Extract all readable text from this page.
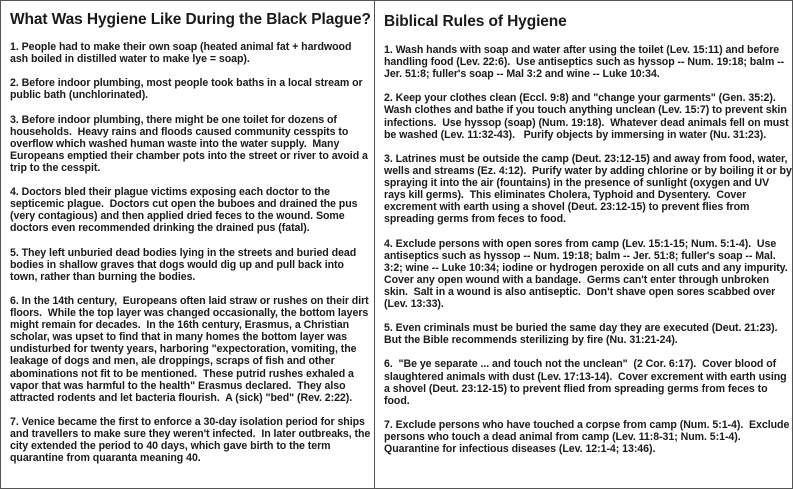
What Was Hygiene Like During the Black Plague?

1. People had to make their own soap (heated animal fat + hardwood ash boiled in distilled water to make lye = soap).

2. Before indoor plumbing, most people took baths in a local stream or public bath (unchlorinated).

3. Before indoor plumbing, there might be one toilet for dozens of households.  Heavy rains and floods caused community cesspits to overflow which washed human waste into the water supply.  Many Europeans emptied their chamber pots into the street or river to avoid a trip to the cesspit.

4. Doctors bled their plague victims exposing each doctor to the septicemic plague.  Doctors cut open the buboes and drained the pus (very contagious) and then applied dried feces to the wound. Some doctors even recommended drinking the drained pus (fatal).

5. They left unburied dead bodies lying in the streets and buried dead bodies in shallow graves that dogs would dig up and pull back into town, rather than burning the bodies.

6. In the 14th century,  Europeans often laid straw or rushes on their dirt floors.  While the top layer was changed occasionally, the bottom layers might remain for decades.  In the 16th century, Erasmus, a Christian scholar, was upset to find that in many homes the bottom layer was undisturbed for twenty years, harboring "expectoration, vomiting, the leakage of dogs and men, ale droppings, scraps of fish and other abominations not fit to be mentioned.  These putrid rushes exhaled a vapor that was harmful to the health" Erasmus declared.  They also attracted rodents and let bacteria flourish.  A (sick) "bed" (Rev. 2:22).

7. Venice became the first to enforce a 30-day isolation period for ships and travellers to make sure they weren't infected.  In later outbreaks, the city extended the period to 40 days, which gave birth to the term quarantine from quaranta meaning 40.

Biblical Rules of Hygiene

1. Wash hands with soap and water after using the toilet (Lev. 15:11) and before handling food (Lev. 22:6).  Use antiseptics such as hyssop -- Num. 19:18; balm -- Jer. 51:8; fuller's soap -- Mal 3:2 and wine -- Luke 10:34.

2. Keep your clothes clean (Eccl. 9:8) and "change your garments" (Gen. 35:2).  Wash clothes and bathe if you touch anything unclean (Lev. 15:7) to prevent skin infections.  Use hyssop (soap) (Num. 19:18).  Whatever dead animals fell on must be washed (Lev. 11:32-43).   Purify objects by immersing in water (Nu. 31:23).

3. Latrines must be outside the camp (Deut. 23:12-15) and away from food, water, wells and streams (Ez. 4:12).  Purify water by adding chlorine or by boiling it or by spraying it into the air (fountains) in the presence of sunlight (oxygen and UV rays kill germs).  This eliminates Cholera, Typhoid and Dysentery.  Cover excrement with earth using a shovel (Deut. 23:12-15) to prevent flies from spreading germs from feces to food.

4. Exclude persons with open sores from camp (Lev. 15:1-15; Num. 5:1-4).  Use antiseptics such as hyssop -- Num. 19:18; balm -- Jer. 51:8; fuller's soap -- Mal. 3:2; wine -- Luke 10:34; iodine or hydrogen peroxide on all cuts and any impurity.  Cover any open wound with a bandage.  Germs can't enter through unbroken skin.  Salt in a wound is also antiseptic.  Don't shave open sores scabbed over (Lev. 13:33).

5. Even criminals must be buried the same day they are executed (Deut. 21:23).  But the Bible recommends sterilizing by fire (Nu. 31:21-24).

6.  "Be ye separate ... and touch not the unclean"  (2 Cor. 6:17).  Cover blood of slaughtered animals with dust (Lev. 17:13-14).  Cover excrement with earth using a shovel (Deut. 23:12-15) to prevent flied from spreading germs from feces to food.

7. Exclude persons who have touched a corpse from camp (Num. 5:1-4).  Exclude persons who touch a dead animal from camp (Lev. 11:8-31; Num. 5:1-4).  Quarantine for infectious diseases (Lev. 12:1-4; 13:46).
